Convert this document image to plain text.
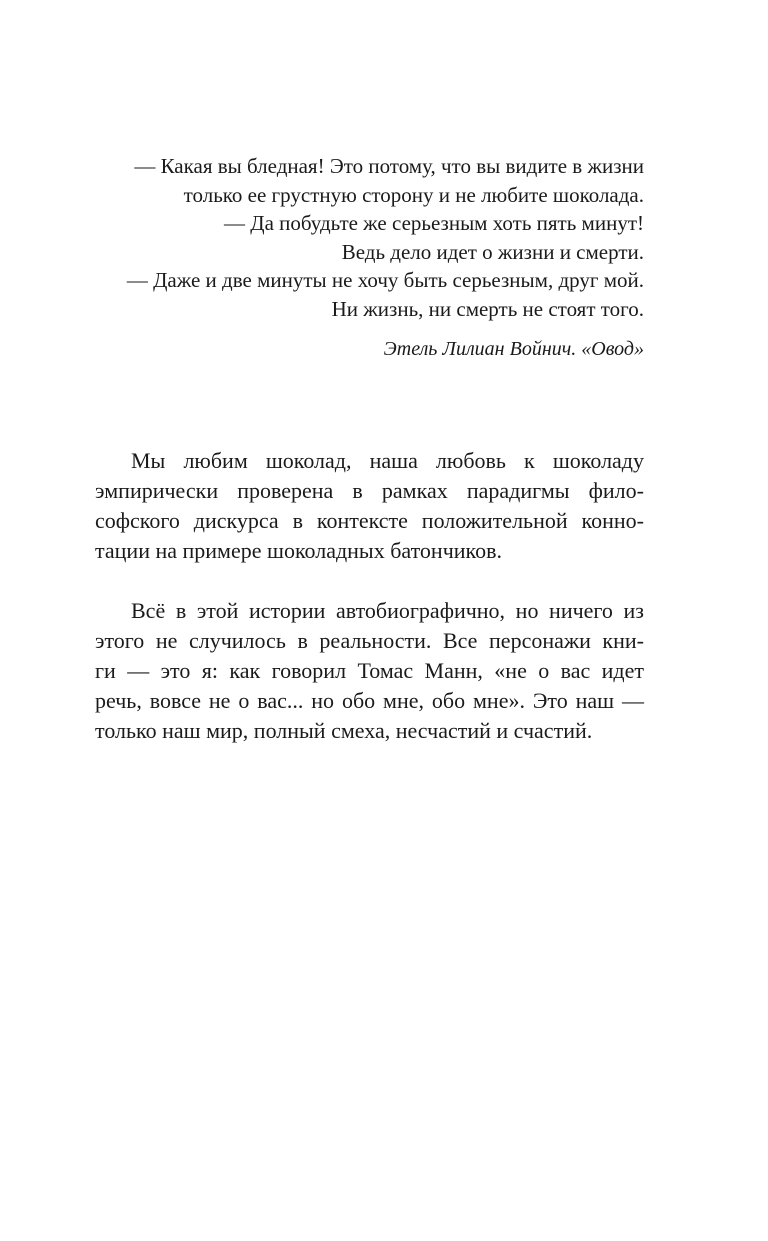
— Какая вы бледная! Это потому, что вы видите в жизни
только ее грустную сторону и не любите шоколада.
— Да побудьте же серьезным хоть пять минут!
Ведь дело идет о жизни и смерти.
— Даже и две минуты не хочу быть серьезным, друг мой.
Ни жизнь, ни смерть не стоят того.
Этель Лилиан Войнич. «Овод»
Мы любим шоколад, наша любовь к шоколаду
эмпирически проверена в рамках парадигмы фило-
софского дискурса в контексте положительной конно-
тации на примере шоколадных батончиков.
Всё в этой истории автобиографично, но ничего из
этого не случилось в реальности. Все персонажи кни-
ги — это я: как говорил Томас Манн, «не о вас идет
речь, вовсе не о вас... но обо мне, обо мне». Это наш —
только наш мир, полный смеха, несчастий и счастий.
